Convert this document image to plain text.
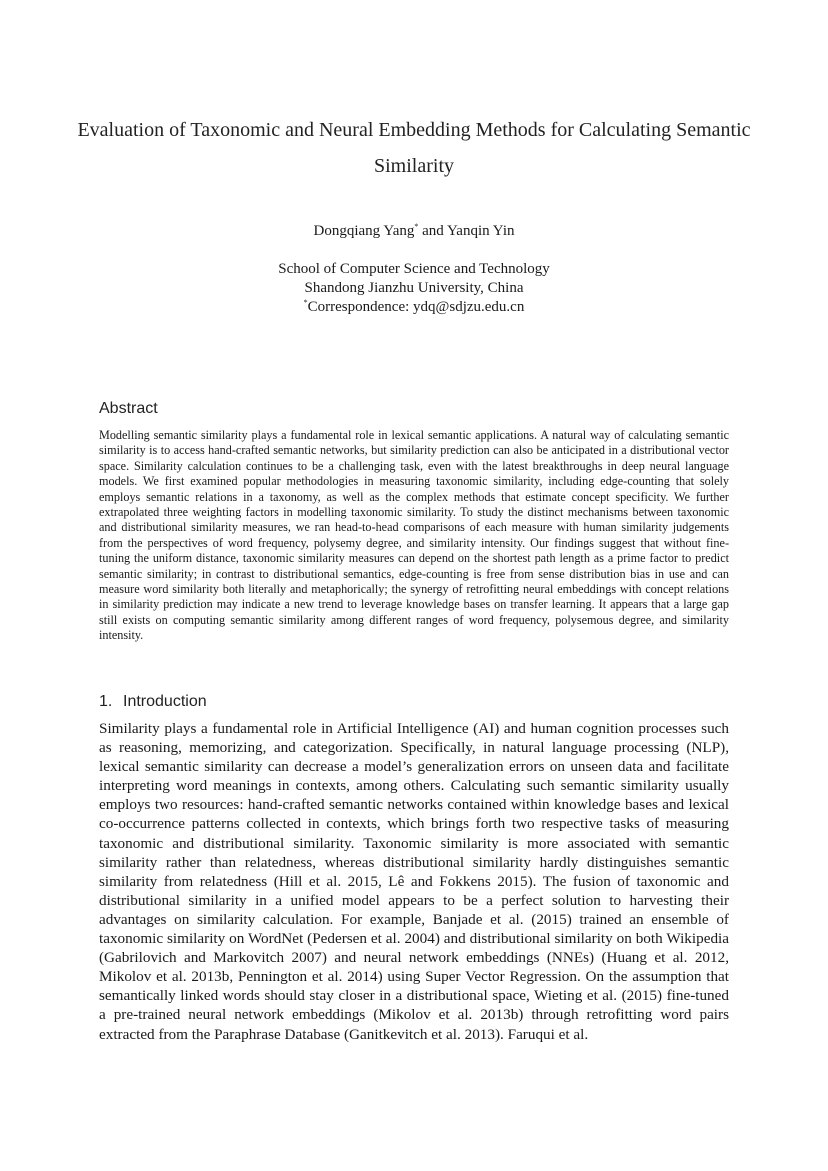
Evaluation of Taxonomic and Neural Embedding Methods for Calculating Semantic Similarity
Dongqiang Yang* and Yanqin Yin
School of Computer Science and Technology
Shandong Jianzhu University, China
*Correspondence: ydq@sdjzu.edu.cn
Abstract

Modelling semantic similarity plays a fundamental role in lexical semantic applications. A natural way of calculating semantic similarity is to access hand-crafted semantic networks, but similarity prediction can also be anticipated in a distributional vector space. Similarity calculation continues to be a challenging task, even with the latest breakthroughs in deep neural language models. We first examined popular methodologies in measuring taxonomic similarity, including edge-counting that solely employs semantic relations in a taxonomy, as well as the complex methods that estimate concept specificity. We further extrapolated three weighting factors in modelling taxonomic similarity. To study the distinct mechanisms between taxonomic and distributional similarity measures, we ran head-to-head comparisons of each measure with human similarity judgements from the perspectives of word frequency, polysemy degree, and similarity intensity. Our findings suggest that without fine-tuning the uniform distance, taxonomic similarity measures can depend on the shortest path length as a prime factor to predict semantic similarity; in contrast to distributional semantics, edge-counting is free from sense distribution bias in use and can measure word similarity both literally and metaphorically; the synergy of retrofitting neural embeddings with concept relations in similarity prediction may indicate a new trend to leverage knowledge bases on transfer learning. It appears that a large gap still exists on computing semantic similarity among different ranges of word frequency, polysemous degree, and similarity intensity.

1. Introduction

Similarity plays a fundamental role in Artificial Intelligence (AI) and human cognition processes such as reasoning, memorizing, and categorization. Specifically, in natural language processing (NLP), lexical semantic similarity can decrease a model’s generalization errors on unseen data and facilitate interpreting word meanings in contexts, among others. Calculating such semantic similarity usually employs two resources: hand-crafted semantic networks contained within knowledge bases and lexical co-occurrence patterns collected in contexts, which brings forth two respective tasks of measuring taxonomic and distributional similarity. Taxonomic similarity is more associated with semantic similarity rather than relatedness, whereas distributional similarity hardly distinguishes semantic similarity from relatedness (Hill et al. 2015, Lê and Fokkens 2015). The fusion of taxonomic and distributional similarity in a unified model appears to be a perfect solution to harvesting their advantages on similarity calculation. For example, Banjade et al. (2015) trained an ensemble of taxonomic similarity on WordNet (Pedersen et al. 2004) and distributional similarity on both Wikipedia (Gabrilovich and Markovitch 2007) and neural network embeddings (NNEs) (Huang et al. 2012, Mikolov et al. 2013b, Pennington et al. 2014) using Super Vector Regression. On the assumption that semantically linked words should stay closer in a distributional space, Wieting et al. (2015) fine-tuned a pre-trained neural network embeddings (Mikolov et al. 2013b) through retrofitting word pairs extracted from the Paraphrase Database (Ganitkevitch et al. 2013). Faruqui et al.
